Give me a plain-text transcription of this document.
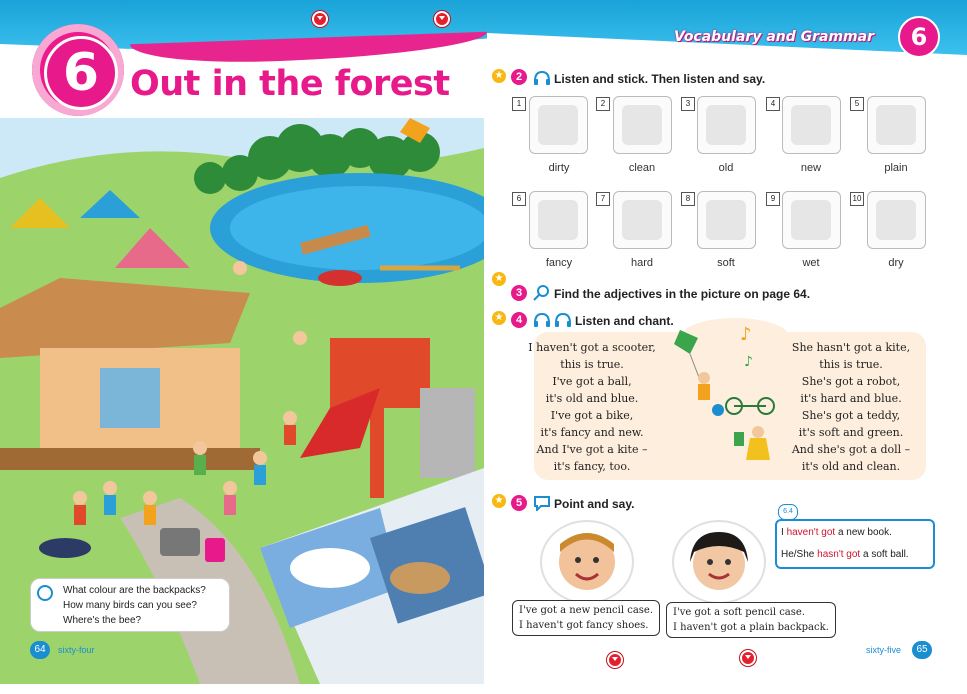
6 Out in the forest
What colour are the backpacks?
How many birds can you see?
Where's the bee?
64	sixty-four
Vocabulary and Grammar	6
★	2	Listen and stick. Then listen and say.
1
dirty
2
clean
3
old
4
new
5
plain
6
fancy
7
hard
8
soft
9
wet
10
dry
★
3	Find the adjectives in the picture on page 64.
★	4	Listen and chant.
I haven't got a scooter,
this is true.
I've got a ball,
it's old and blue.
I've got a bike,
it's fancy and new.
And I've got a kite –
it's fancy, too.
She hasn't got a kite,
this is true.
She's got a robot,
it's hard and blue.
She's got a teddy,
it's soft and green.
And she's got a doll –
it's old and clean.
♪
♪
★	5	Point and say.
I've got a new pencil case.
I haven't got fancy shoes.
I've got a soft pencil case.
I haven't got a plain backpack.
I haven't got a new book.
He/She hasn't got a soft ball.
6.4
sixty-five	65
